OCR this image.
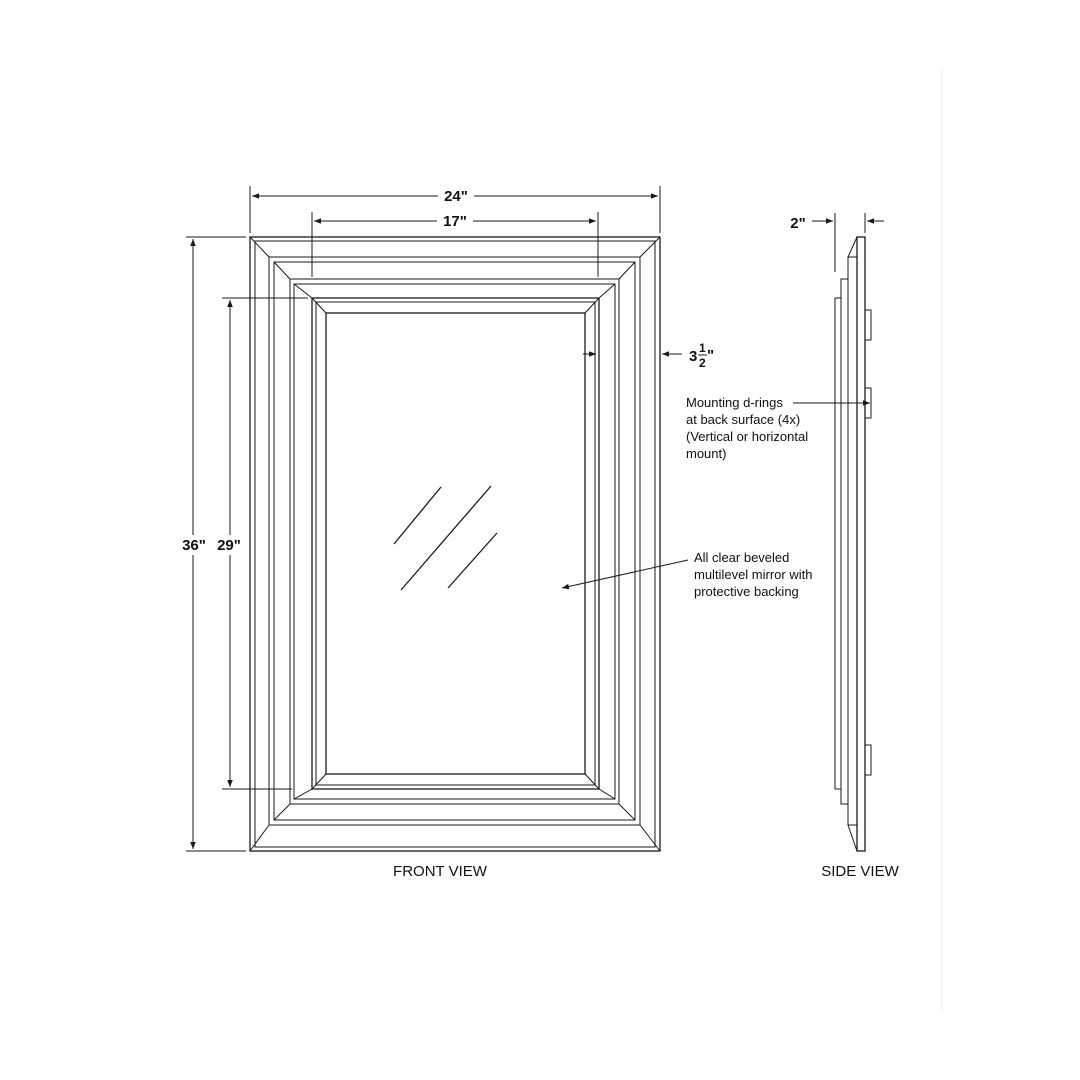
24"
17"
36" 29"
3 1
2 "
All clear beveled
multilevel mirror with
protective backing
2"
Mounting d-rings
at back surface (4x)
(Vertical or horizontal
mount)
FRONT VIEW	SIDE VIEW
